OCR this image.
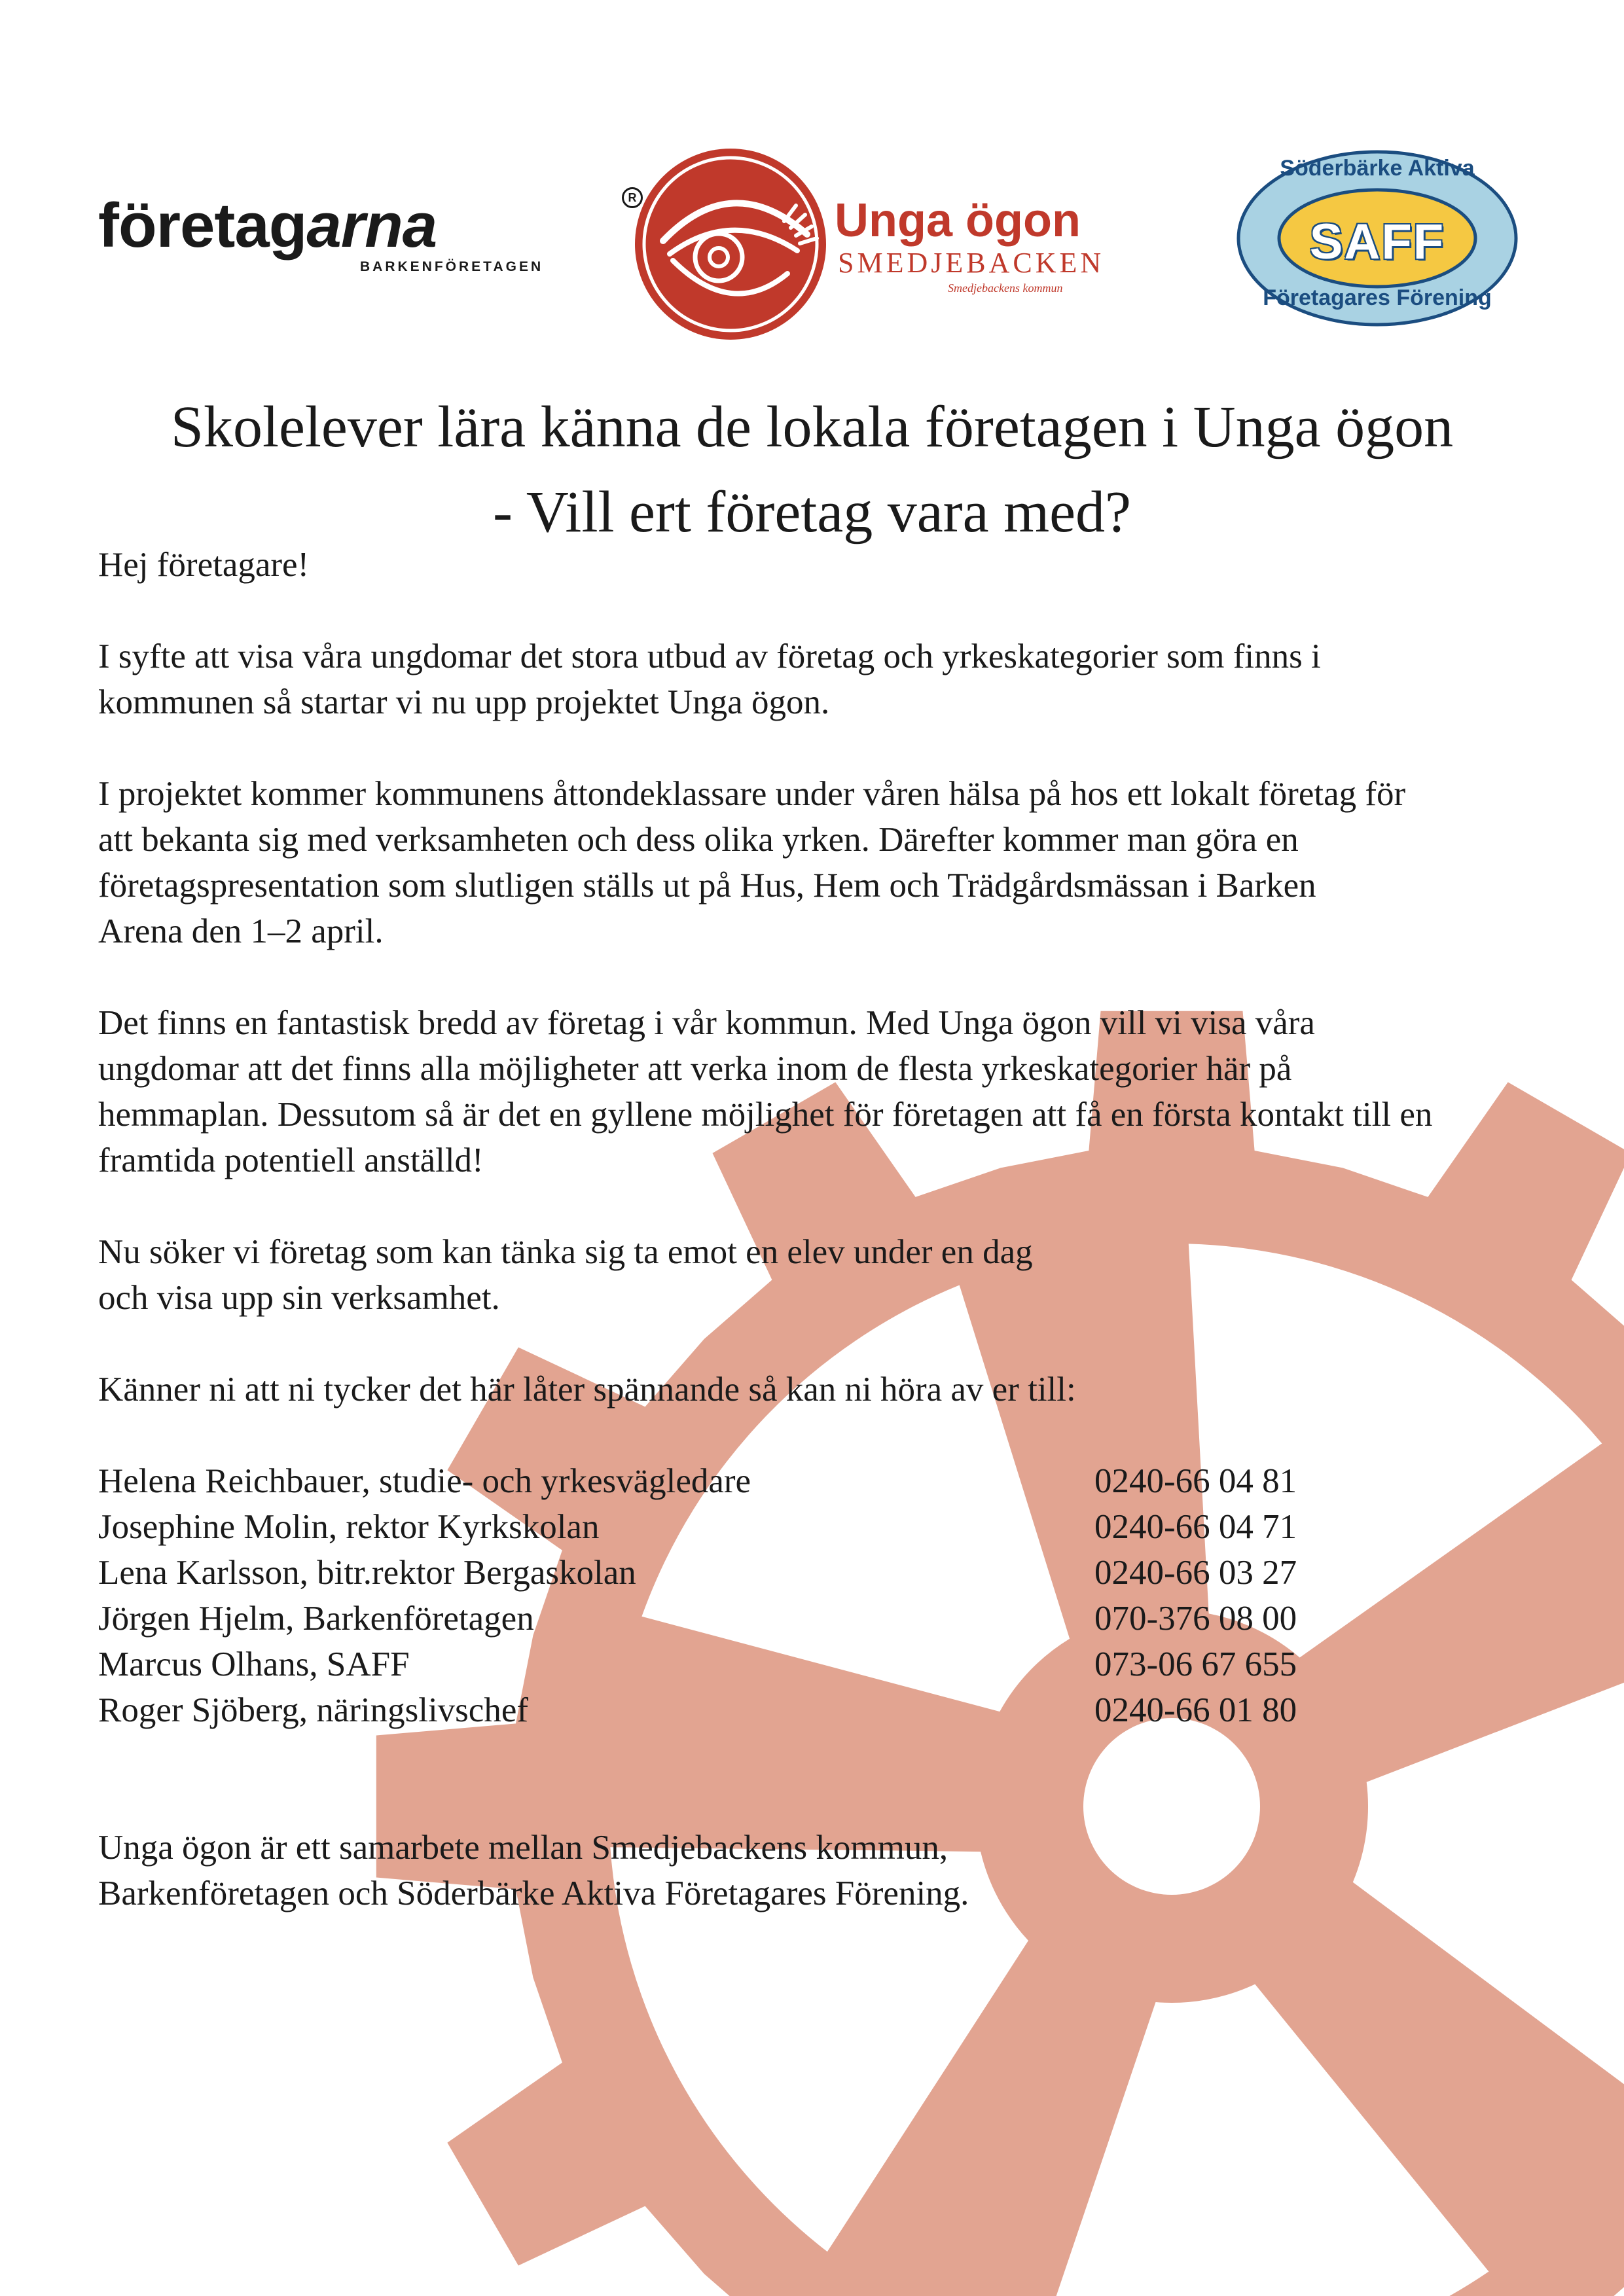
företagarna	R
BARKENFÖRETAGEN
Unga ögon
SMEDJEBACKEN
Smedjebackens kommun
Söderbärke Aktiva
SAFF
Företagares Förening
Skolelever lära känna de lokala företagen i Unga ögon
- Vill ert företag vara med?

Hej företagare!

I syfte att visa våra ungdomar det stora utbud av företag och yrkeskategorier som finns i
kommunen så startar vi nu upp projektet Unga ögon.

I projektet kommer kommunens åttondeklassare under våren hälsa på hos ett lokalt företag för
att bekanta sig med verksamheten och dess olika yrken. Därefter kommer man göra en
företagspresentation som slutligen ställs ut på Hus, Hem och Trädgårdsmässan i Barken
Arena den 1–2 april.

Det finns en fantastisk bredd av företag i vår kommun. Med Unga ögon vill vi visa våra
ungdomar att det finns alla möjligheter att verka inom de flesta yrkeskategorier här på
hemmaplan. Dessutom så är det en gyllene möjlighet för företagen att få en första kontakt till en
framtida potentiell anställd!

Nu söker vi företag som kan tänka sig ta emot en elev under en dag
och visa upp sin verksamhet.

Känner ni att ni tycker det här låter spännande så kan ni höra av er till:

Helena Reichbauer, studie- och yrkesvägledare	0240-66 04 81
Josephine Molin, rektor Kyrkskolan	0240-66 04 71
Lena Karlsson, bitr.rektor Bergaskolan	0240-66 03 27
Jörgen Hjelm, Barkenföretagen	070-376 08 00
Marcus Olhans, SAFF	073-06 67 655
Roger Sjöberg, näringslivschef	0240-66 01 80

Unga ögon är ett samarbete mellan Smedjebackens kommun,
Barkenföretagen och Söderbärke Aktiva Företagares Förening.
